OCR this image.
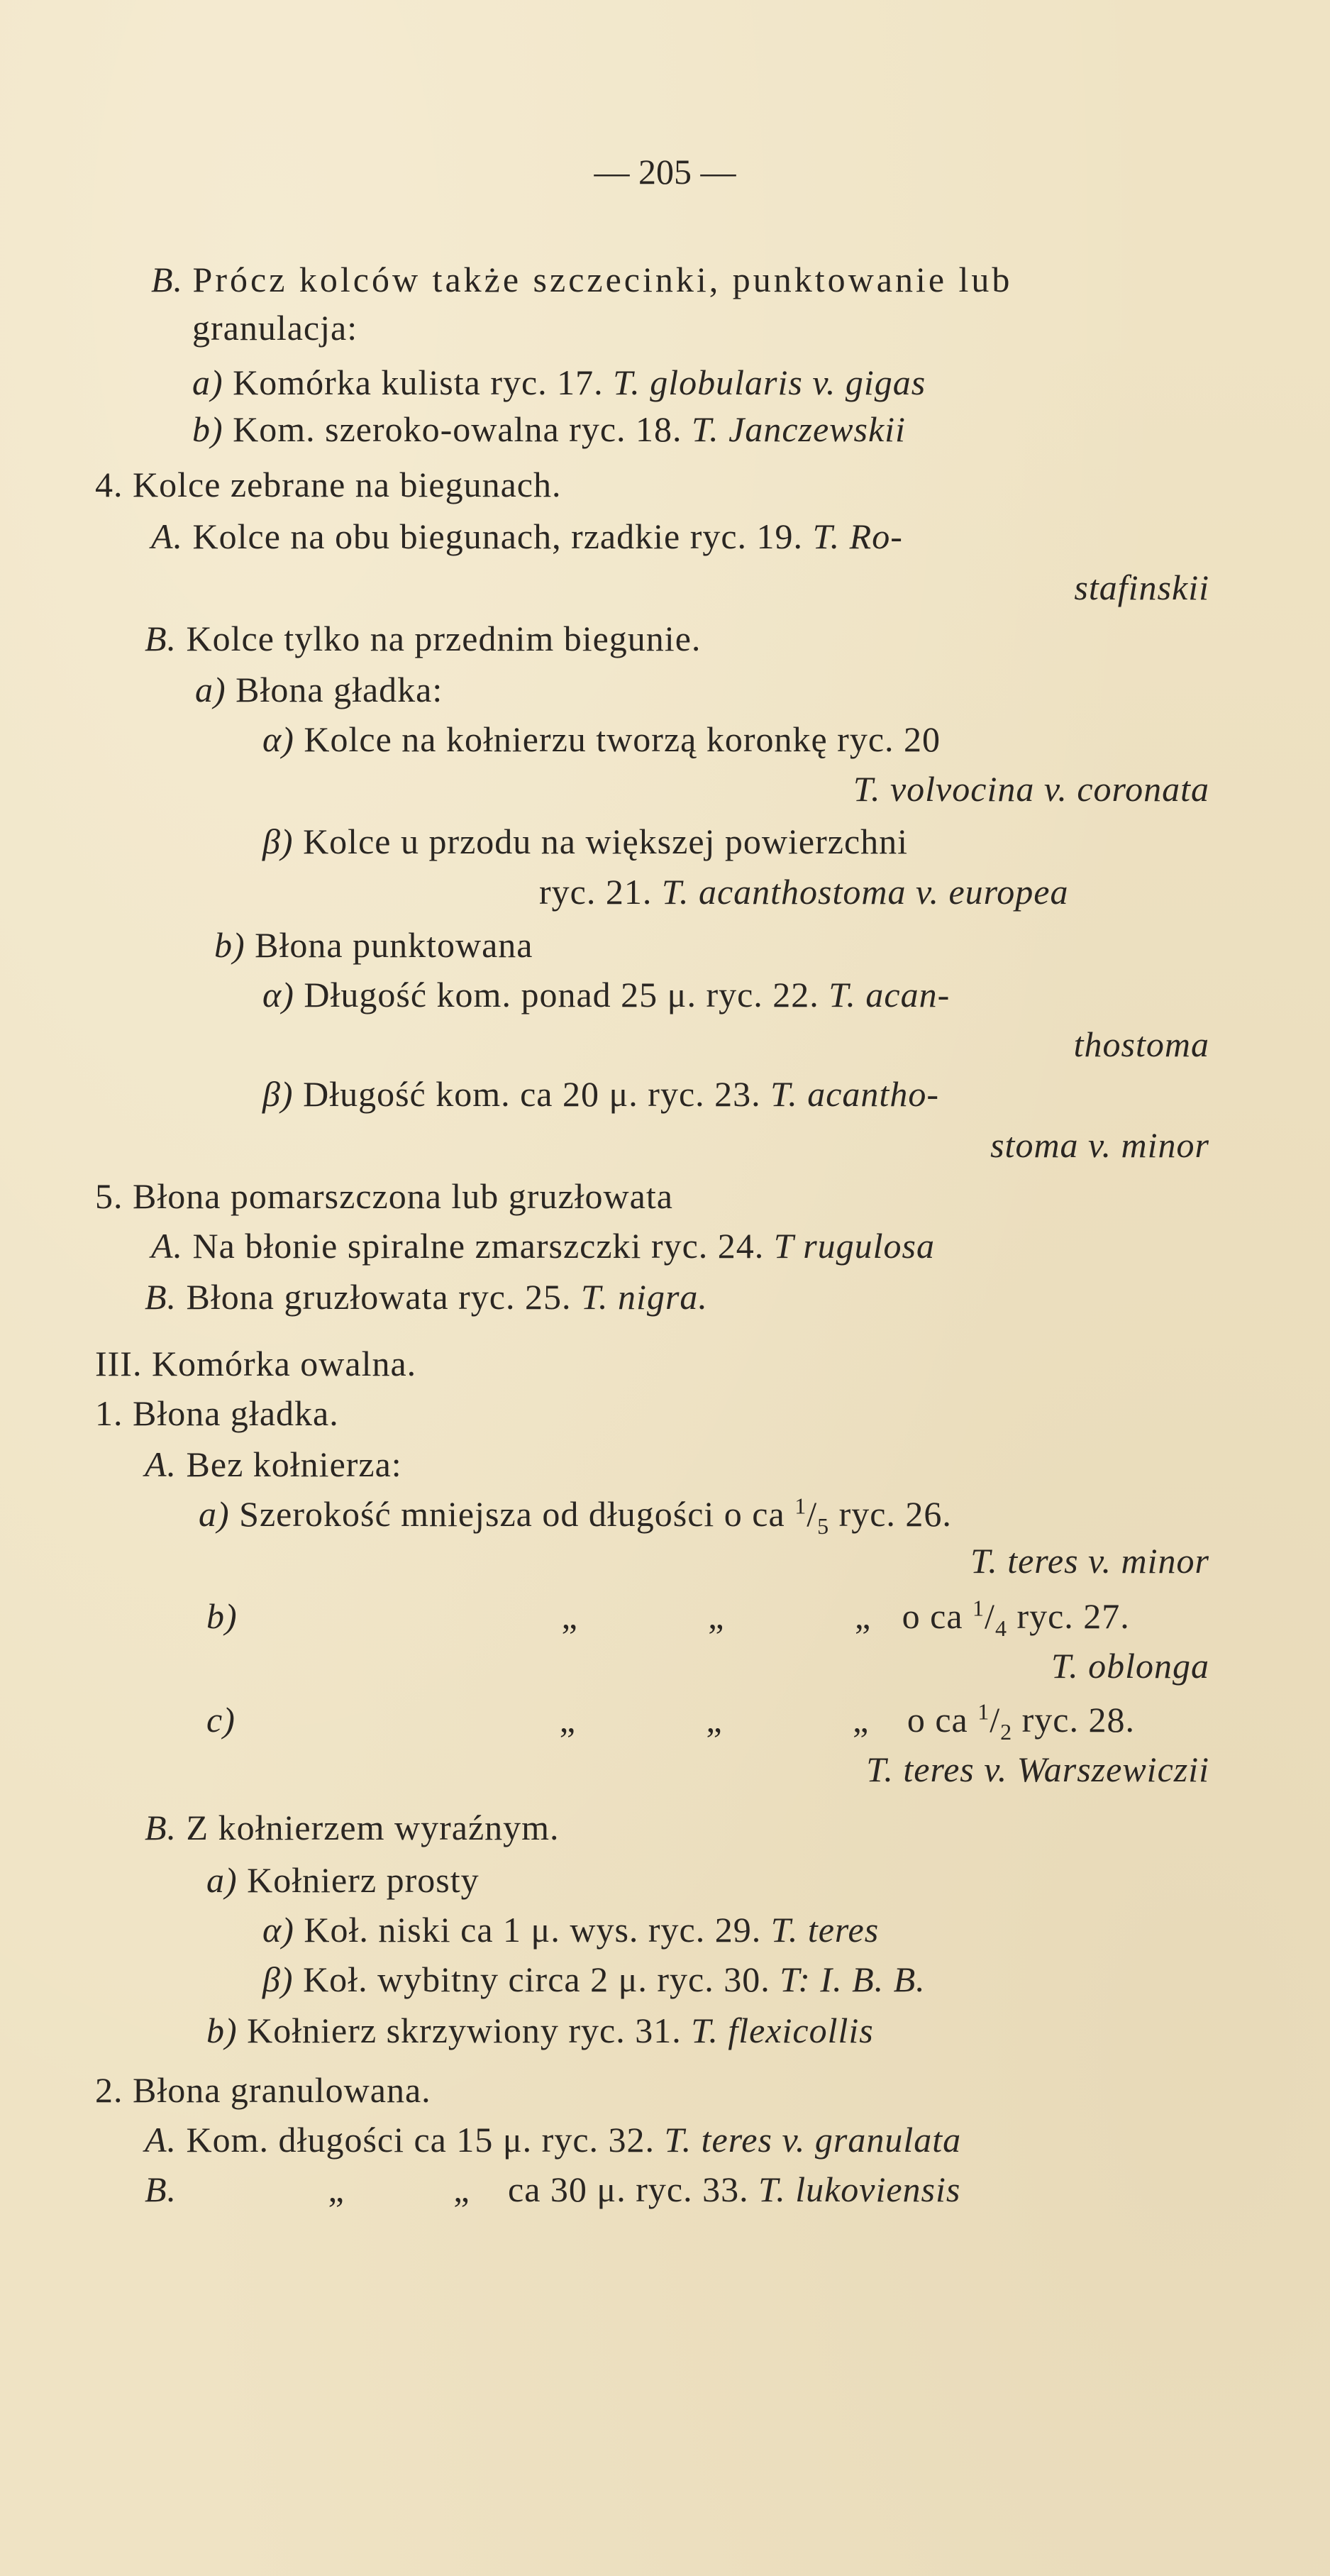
— 205 —
B. Prócz kolców także szczecinki, punktowanie lub
granulacja:
a) Komórka kulista ryc. 17. T. globularis v. gigas
b) Kom. szeroko-owalna ryc. 18. T. Janczewskii
4. Kolce zebrane na biegunach.
A. Kolce na obu biegunach, rzadkie ryc. 19. T. Ro-
stafinskii
B. Kolce tylko na przednim biegunie.
a) Błona gładka:
α) Kolce na kołnierzu tworzą koronkę ryc. 20
T. volvocina v. coronata
β) Kolce u przodu na większej powierzchni
ryc. 21. T. acanthostoma v. europea
b) Błona punktowana
α) Długość kom. ponad 25 μ. ryc. 22. T. acan-
thostoma
β) Długość kom. ca 20 μ. ryc. 23. T. acantho-
stoma v. minor
5. Błona pomarszczona lub gruzłowata
A. Na błonie spiralne zmarszczki ryc. 24. T rugulosa
B. Błona gruzłowata ryc. 25. T. nigra.
III. Komórka owalna.
1. Błona gładka.
A. Bez kołnierza:
a) Szerokość mniejsza od długości o ca $^1/_5$ ryc. 26.
T. teres v. minor
b)	„ „ „ o ca $^1/_4$ ryc. 27.
T. oblonga
c)	„ „ „ o ca $^1/_2$ ryc. 28.
T. teres v. Warszewiczii
B. Z kołnierzem wyraźnym.
a) Kołnierz prosty
α) Koł. niski ca 1 μ. wys. ryc. 29. T. teres
β) Koł. wybitny circa 2 μ. ryc. 30. T: I. B. B.
b) Kołnierz skrzywiony ryc. 31. T. flexicollis
2. Błona granulowana.
A. Kom. długości ca 15 μ. ryc. 32. T. teres v. granulata
B.	„ „ ca 30 μ. ryc. 33. T. lukoviensis
